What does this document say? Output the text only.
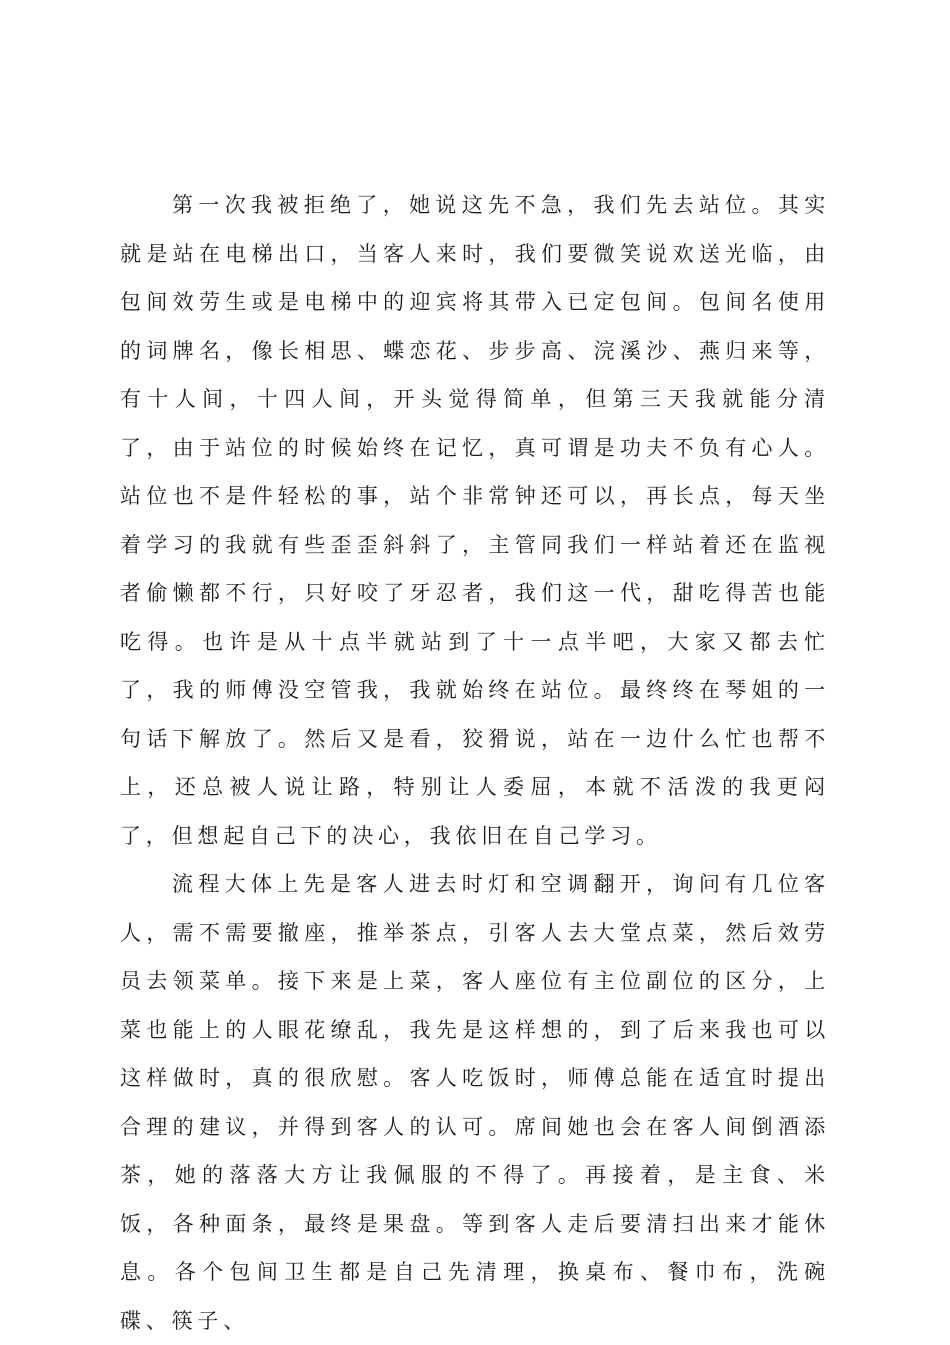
第一次我被拒绝了，她说这先不急，我们先去站位。其实就是站在电梯出口，当客人来时，我们要微笑说欢送光临，由包间效劳生或是电梯中的迎宾将其带入已定包间。包间名使用的词牌名，像长相思、蝶恋花、步步高、浣溪沙、燕归来等，有十人间，十四人间，开头觉得简单，但第三天我就能分清了，由于站位的时候始终在记忆，真可谓是功夫不负有心人。站位也不是件轻松的事，站个非常钟还可以，再长点，每天坐着学习的我就有些歪歪斜斜了，主管同我们一样站着还在监视者偷懒都不行，只好咬了牙忍者，我们这一代，甜吃得苦也能吃得。也许是从十点半就站到了十一点半吧，大家又都去忙了，我的师傅没空管我，我就始终在站位。最终终在琴姐的一句话下解放了。然后又是看，狡猾说，站在一边什么忙也帮不上，还总被人说让路，特别让人委屈，本就不活泼的我更闷了，但想起自己下的决心，我依旧在自己学习。

流程大体上先是客人进去时灯和空调翻开，询问有几位客人，需不需要撤座，推举茶点，引客人去大堂点菜，然后效劳员去领菜单。接下来是上菜，客人座位有主位副位的区分，上菜也能上的人眼花缭乱，我先是这样想的，到了后来我也可以这样做时，真的很欣慰。客人吃饭时，师傅总能在适宜时提出合理的建议，并得到客人的认可。席间她也会在客人间倒酒添茶，她的落落大方让我佩服的不得了。再接着，是主食、米饭，各种面条，最终是果盘。等到客人走后要清扫出来才能休息。各个包间卫生都是自己先清理，换桌布、餐巾布，洗碗碟、筷子、
